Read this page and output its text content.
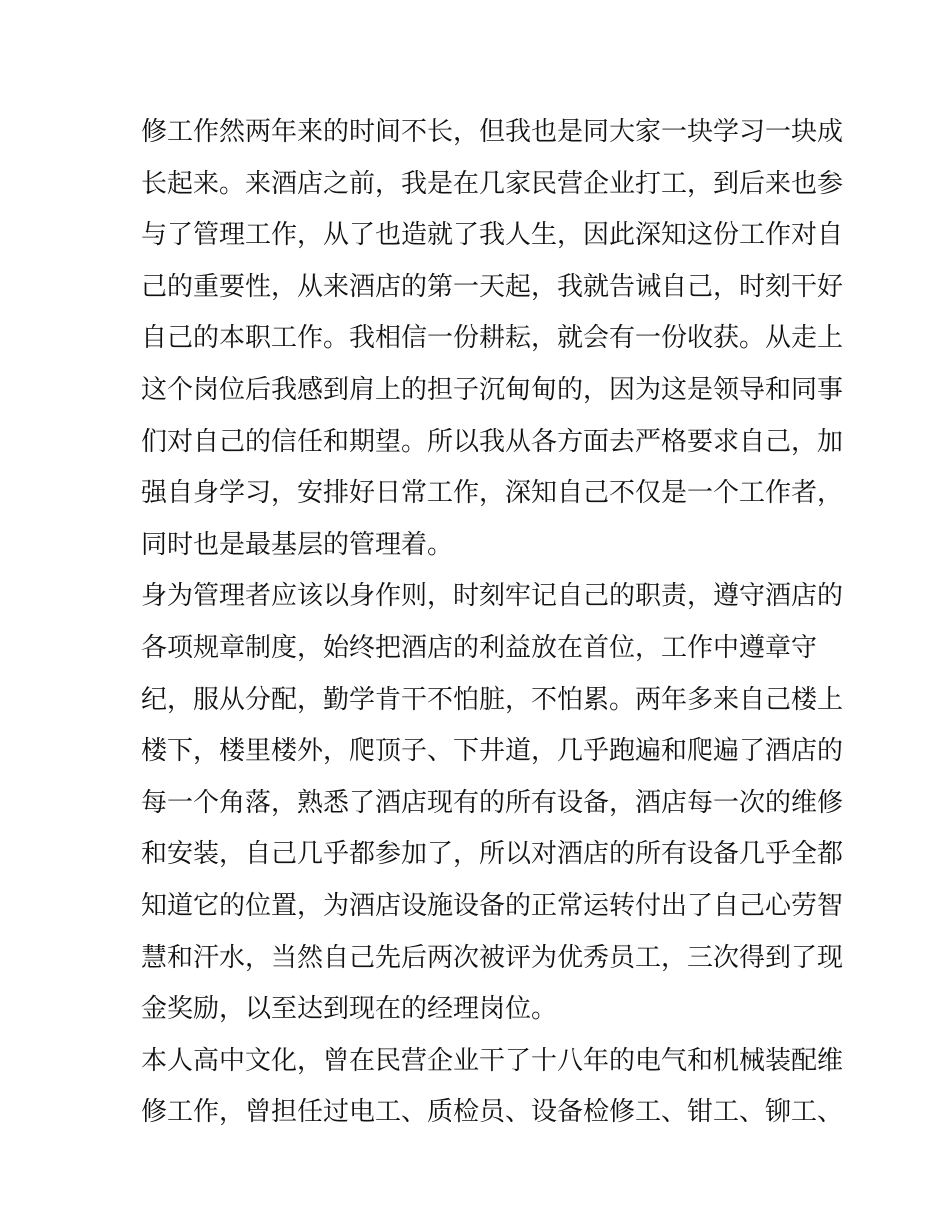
修工作然两年来的时间不长，但我也是同大家一块学习一块成
长起来。来酒店之前，我是在几家民营企业打工，到后来也参
与了管理工作，从了也造就了我人生，因此深知这份工作对自
己的重要性，从来酒店的第一天起，我就告诫自己，时刻干好
自己的本职工作。我相信一份耕耘，就会有一份收获。从走上
这个岗位后我感到肩上的担子沉甸甸的，因为这是领导和同事
们对自己的信任和期望。所以我从各方面去严格要求自己，加
强自身学习，安排好日常工作，深知自己不仅是一个工作者，
同时也是最基层的管理着。
身为管理者应该以身作则，时刻牢记自己的职责，遵守酒店的
各项规章制度，始终把酒店的利益放在首位，工作中遵章守
纪，服从分配，勤学肯干不怕脏，不怕累。两年多来自己楼上
楼下，楼里楼外，爬顶子、下井道，几乎跑遍和爬遍了酒店的
每一个角落，熟悉了酒店现有的所有设备，酒店每一次的维修
和安装，自己几乎都参加了，所以对酒店的所有设备几乎全都
知道它的位置，为酒店设施设备的正常运转付出了自己心劳智
慧和汗水，当然自己先后两次被评为优秀员工，三次得到了现
金奖励，以至达到现在的经理岗位。
本人高中文化，曾在民营企业干了十八年的电气和机械装配维
修工作，曾担任过电工、质检员、设备检修工、钳工、铆工、
